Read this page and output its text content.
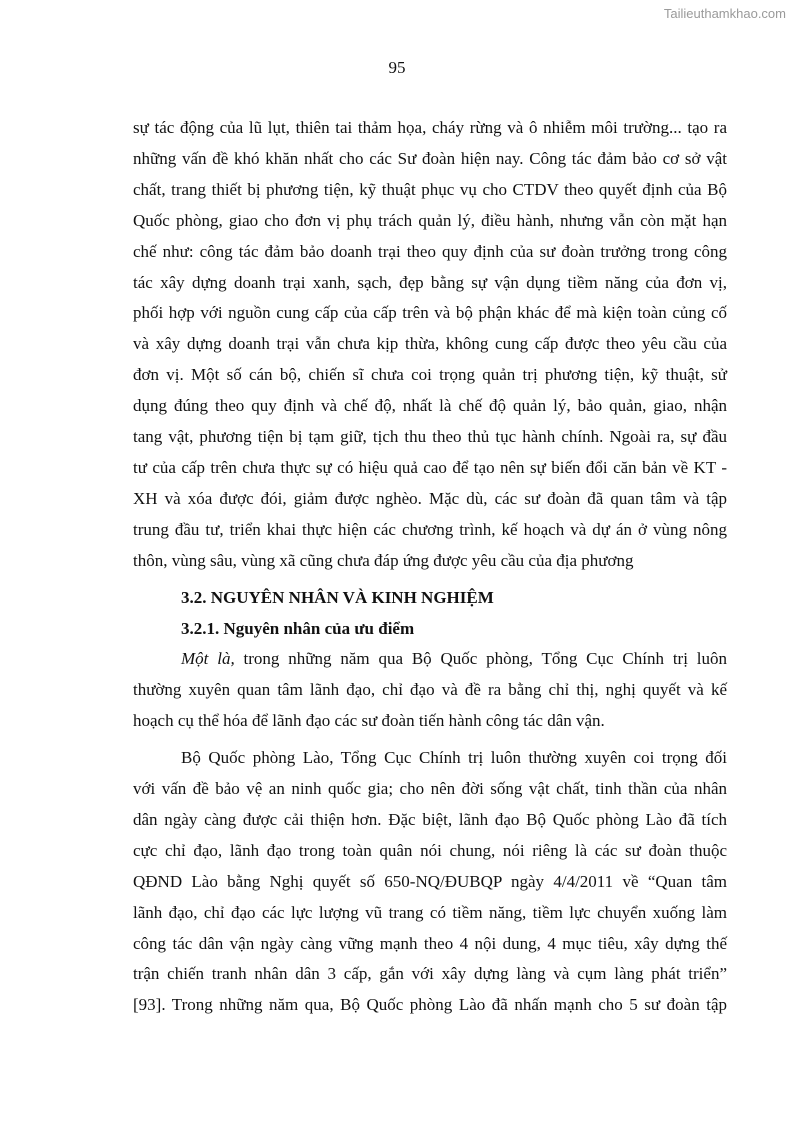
Tailieuthamkhao.com
95
sự tác động của lũ lụt, thiên tai thảm họa, cháy rừng và ô nhiễm môi trường... tạo ra
những vấn đề khó khăn nhất cho các Sư đoàn hiện nay. Công tác đảm bảo cơ sở vật
chất, trang thiết bị phương tiện, kỹ thuật phục vụ cho CTDV theo quyết định của Bộ
Quốc phòng, giao cho đơn vị phụ trách quản lý, điều hành, nhưng vẫn còn mặt hạn
chế như: công tác đảm bảo doanh trại theo quy định của sư đoàn trưởng trong công
tác xây dựng doanh trại xanh, sạch, đẹp bằng sự vận dụng tiềm năng của đơn vị,
phối hợp với nguồn cung cấp của cấp trên và bộ phận khác để mà kiện toàn củng cố
và xây dựng doanh trại vẫn chưa kịp thừa, không cung cấp được theo yêu cầu của
đơn vị. Một số cán bộ, chiến sĩ chưa coi trọng quản trị phương tiện, kỹ thuật, sử
dụng đúng theo quy định và chế độ, nhất là chế độ quản lý, bảo quản, giao, nhận
tang vật, phương tiện bị tạm giữ, tịch thu theo thủ tục hành chính. Ngoài ra, sự đầu
tư của cấp trên chưa thực sự có hiệu quả cao để tạo nên sự biến đổi căn bản về KT -
XH và xóa được đói, giảm được nghèo. Mặc dù, các sư đoàn đã quan tâm và tập
trung đầu tư, triển khai thực hiện các chương trình, kế hoạch và dự án ở vùng nông
thôn, vùng sâu, vùng xã cũng chưa đáp ứng được yêu cầu của địa phương
3.2. NGUYÊN NHÂN VÀ KINH NGHIỆM
3.2.1. Nguyên nhân của ưu điểm
Một là, trong những năm qua Bộ Quốc phòng, Tổng Cục Chính trị luôn
thường xuyên quan tâm lãnh đạo, chỉ đạo và đề ra bằng chỉ thị, nghị quyết và kế
hoạch cụ thể hóa để lãnh đạo các sư đoàn tiến hành công tác dân vận.
Bộ Quốc phòng Lào, Tổng Cục Chính trị luôn thường xuyên coi trọng đối
với vấn đề bảo vệ an ninh quốc gia; cho nên đời sống vật chất, tinh thần của nhân
dân ngày càng được cải thiện hơn. Đặc biệt, lãnh đạo Bộ Quốc phòng Lào đã tích
cực chỉ đạo, lãnh đạo trong toàn quân nói chung, nói riêng là các sư đoàn thuộc
QĐND Lào bằng Nghị quyết số 650-NQ/ĐUBQP ngày 4/4/2011 về “Quan tâm
lãnh đạo, chỉ đạo các lực lượng vũ trang có tiềm năng, tiềm lực chuyển xuống làm
công tác dân vận ngày càng vững mạnh theo 4 nội dung, 4 mục tiêu, xây dựng thế
trận chiến tranh nhân dân 3 cấp, gắn với xây dựng làng và cụm làng phát triển”
[93]. Trong những năm qua, Bộ Quốc phòng Lào đã nhấn mạnh cho 5 sư đoàn tập
